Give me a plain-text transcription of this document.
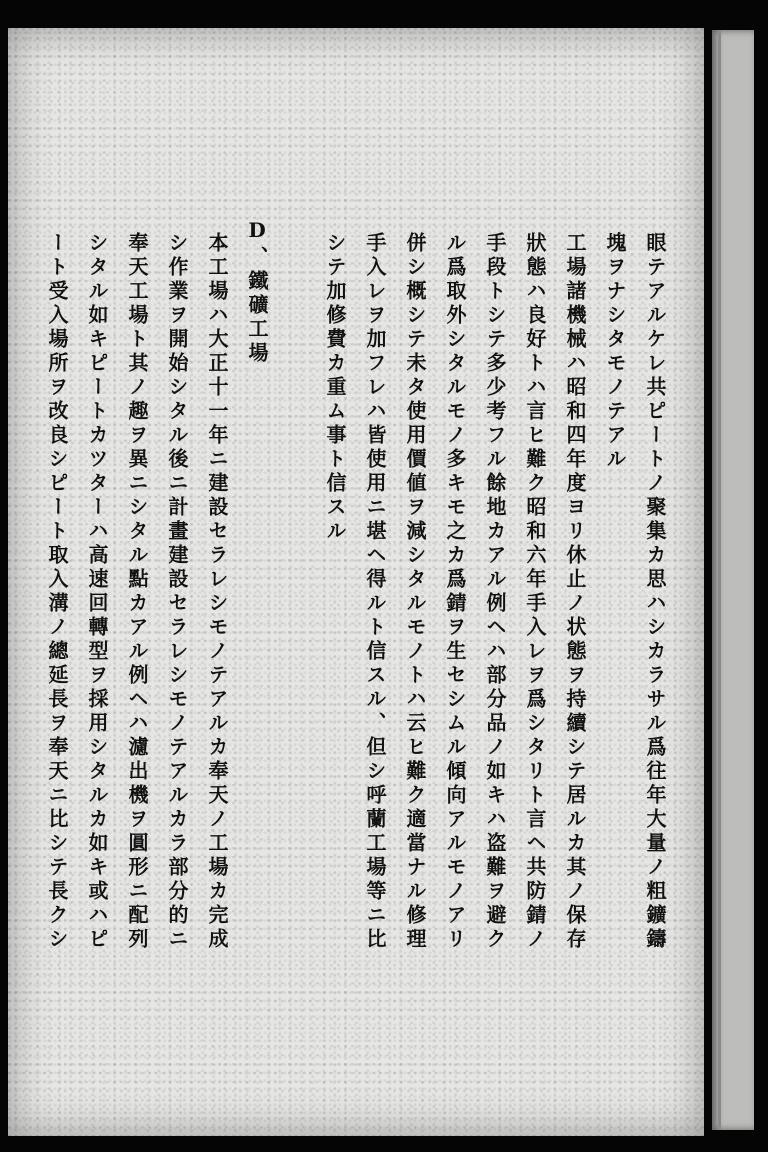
眼テアルケレ共ピートノ聚集カ思ハシカラサル爲往年大量ノ粗鑛鑄
塊ヲナシタモノテアル
工場諸機械ハ昭和四年度ヨリ休止ノ状態ヲ持續シテ居ルカ其ノ保存
狀態ハ良好トハ言ヒ難ク昭和六年手入レヲ爲シタリト言ヘ共防錆ノ
手段トシテ多少考フル餘地カアル例ヘハ部分品ノ如キハ盗難ヲ避ク
ル爲取外シタルモノ多キモ之カ爲錆ヲ生セシムル傾向アルモノアリ
併シ概シテ未タ使用價値ヲ減シタルモノトハ云ヒ難ク適當ナル修理
手入レヲ加フレハ皆使用ニ堪ヘ得ルト信スル、但シ呼蘭工場等ニ比
シテ加修費カ重ム事ト信スル
D、鐵礦工場
本工場ハ大正十一年ニ建設セラレシモノテアルカ奉天ノ工場カ完成
シ作業ヲ開始シタル後ニ計畫建設セラレシモノテアルカラ部分的ニ
奉天工場ト其ノ趣ヲ異ニシタル點カアル例ヘハ濾出機ヲ圓形ニ配列
シタル如キピートカツターハ高速回轉型ヲ採用シタルカ如キ或ハピ
ート受入場所ヲ改良シピート取入溝ノ總延長ヲ奉天ニ比シテ長クシ
